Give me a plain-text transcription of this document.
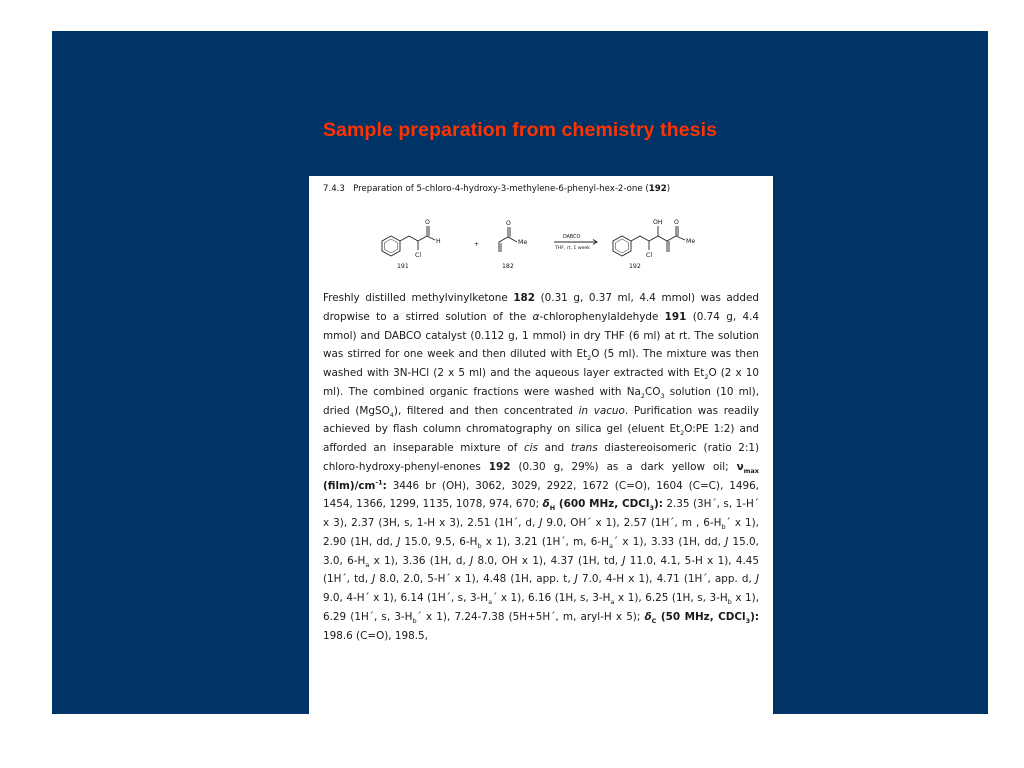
Sample preparation from chemistry thesis
7.4.3 Preparation of 5-chloro-4-hydroxy-3-methylene-6-phenyl-hex-2-one (192)
O
H
Cl
191
+
O
Me
182
DABCO
THF, rt, 1 week
OH O
Me
Cl
192

Freshly distilled methylvinylketone 182 (0.31 g, 0.37 ml, 4.4 mmol) was added dropwise to a stirred solution of the α-chlorophenylaldehyde 191 (0.74 g, 4.4 mmol) and DABCO catalyst (0.112 g, 1 mmol) in dry THF (6 ml) at rt. The solution was stirred for one week and then diluted with $Et_2O$ (5 ml). The mixture was then washed with 3N-HCl (2 x 5 ml) and the aqueous layer extracted with $Et_2O$ (2 x 10 ml). The combined organic fractions were washed with $Na_2CO_3$ solution (10 ml), dried (MgSO$_4$), filtered and then concentrated in vacuo. Purification was readily achieved by flash column chromatography on silica gel (eluent $Et_2O:PE$ 1:2) and afforded an inseparable mixture of cis and trans diastereoisomeric (ratio 2:1) chloro-hydroxy-phenyl-enones 192 (0.30 g, 29%) as a dark yellow oil; $\nu_{max}$ $(film)/cm^{-1}$: 3446 br (OH), 3062, 3029, 2922, 1672 (C=O), 1604 (C=C), 1496, 1454, 1366, 1299, 1135, 1078, 974, 670; $\delta_H$ (600 MHz, CDCl$_3$): 2.35 (3H´, s, 1-H´ x 3), 2.37 (3H, s, 1-H x 3), 2.51 (1H´, d, J 9.0, OH´ x 1), 2.57 (1H´, m , $6-H_b´$ x 1), 2.90 (1H, dd, J 15.0, 9.5, $6-H_b$ x 1), 3.21 (1H´, m, $6-H_a´$ x 1), 3.33 (1H, dd, J 15.0, 3.0, $6-H_a$ x 1), 3.36 (1H, d, J 8.0, OH x 1), 4.37 (1H, td, J 11.0, 4.1, 5-H x 1), 4.45 (1H´, td, J 8.0, 2.0, 5-H´ x 1), 4.48 (1H, app. t, J 7.0, 4-H x 1), 4.71 (1H´, app. d, J 9.0, 4-H´ x 1), 6.14 (1H´, s, $3-H_a´$ x 1), 6.16 (1H, s, $3-H_a$ x 1), 6.25 (1H, s, $3-H_b$ x 1), 6.29 (1H´, s, $3-H_b´$ x 1), 7.24-7.38 (5H+5H´, m, aryl-H x 5); $\delta_C$ (50 MHz, CDCl$_3$): 198.6 (C=O), 198.5,
